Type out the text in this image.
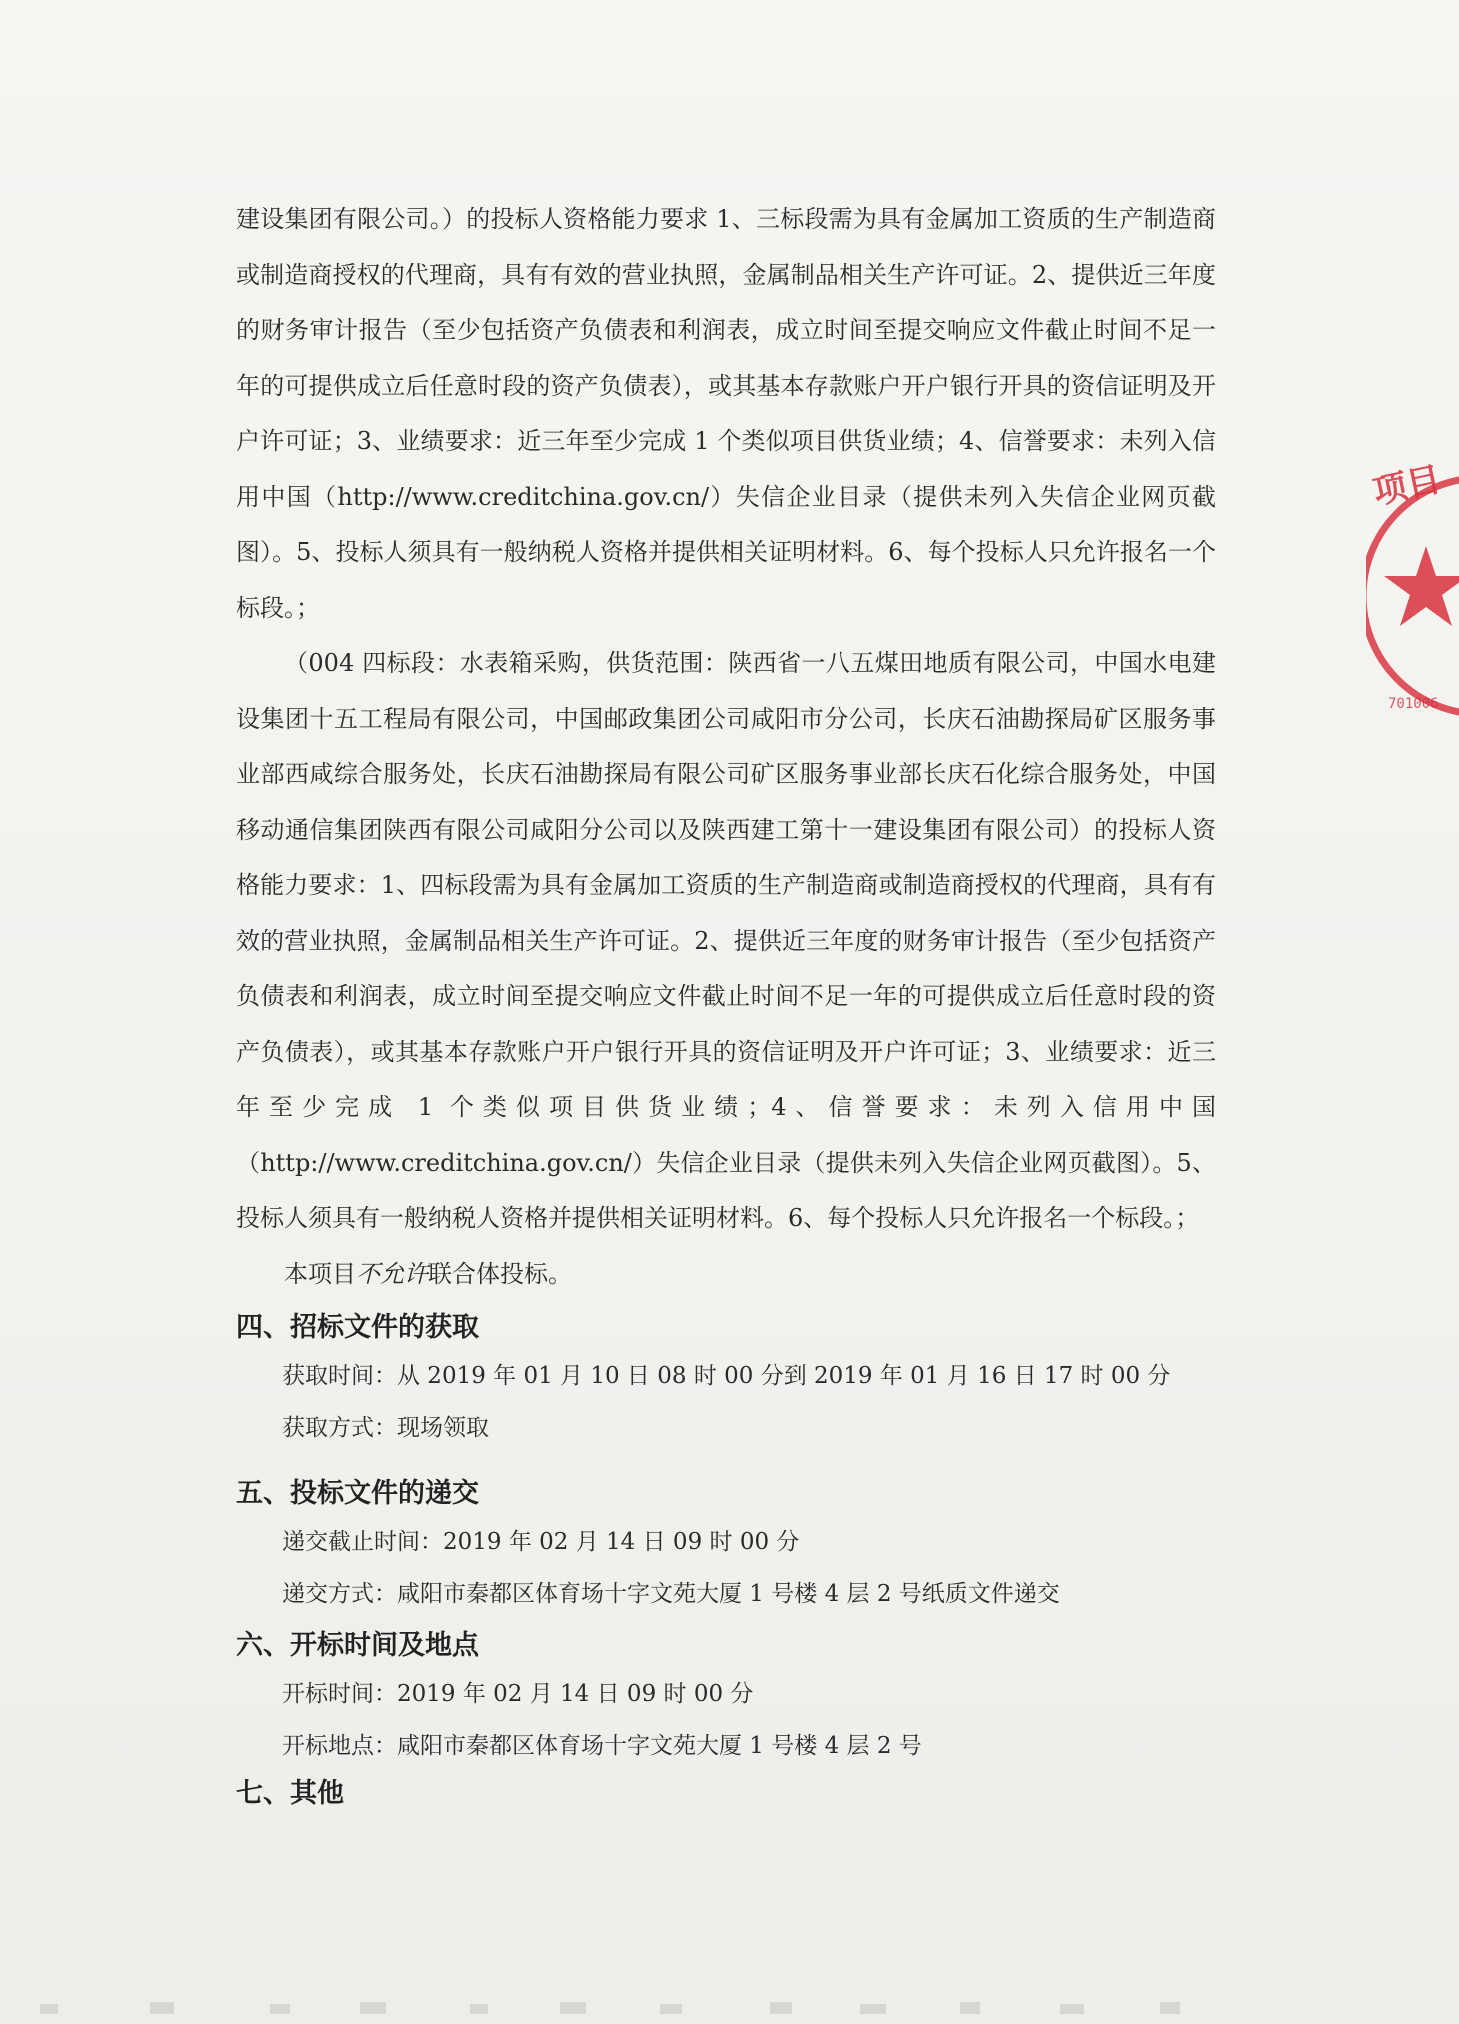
建设集团有限公司。）的投标人资格能力要求 1、三标段需为具有金属加工资质的生产制造商或制造商授权的代理商，具有有效的营业执照，金属制品相关生产许可证。2、提供近三年度的财务审计报告（至少包括资产负债表和利润表，成立时间至提交响应文件截止时间不足一年的可提供成立后任意时段的资产负债表），或其基本存款账户开户银行开具的资信证明及开户许可证；3、业绩要求：近三年至少完成 1 个类似项目供货业绩；4、信誉要求：未列入信用中国（http://www.creditchina.gov.cn/）失信企业目录（提供未列入失信企业网页截图）。5、投标人须具有一般纳税人资格并提供相关证明材料。6、每个投标人只允许报名一个标段。；

（004 四标段：水表箱采购，供货范围：陕西省一八五煤田地质有限公司，中国水电建设集团十五工程局有限公司，中国邮政集团公司咸阳市分公司，长庆石油勘探局矿区服务事业部西咸综合服务处，长庆石油勘探局有限公司矿区服务事业部长庆石化综合服务处，中国移动通信集团陕西有限公司咸阳分公司以及陕西建工第十一建设集团有限公司）的投标人资格能力要求：1、四标段需为具有金属加工资质的生产制造商或制造商授权的代理商，具有有效的营业执照，金属制品相关生产许可证。2、提供近三年度的财务审计报告（至少包括资产负债表和利润表，成立时间至提交响应文件截止时间不足一年的可提供成立后任意时段的资产负债表），或其基本存款账户开户银行开具的资信证明及开户许可证；3、业绩要求：近三年至少完成 1 个类似项目供货业绩；4、信誉要求：未列入信用中国（http://www.creditchina.gov.cn/）失信企业目录（提供未列入失信企业网页截图）。5、投标人须具有一般纳税人资格并提供相关证明材料。6、每个投标人只允许报名一个标段。；

本项目不允许联合体投标。

四、招标文件的获取

获取时间：从 2019 年 01 月 10 日 08 时 00 分到 2019 年 01 月 16 日 17 时 00 分

获取方式：现场领取

五、投标文件的递交

递交截止时间：2019 年 02 月 14 日 09 时 00 分

递交方式：咸阳市秦都区体育场十字文苑大厦 1 号楼 4 层 2 号纸质文件递交

六、开标时间及地点

开标时间：2019 年 02 月 14 日 09 时 00 分

开标地点：咸阳市秦都区体育场十字文苑大厦 1 号楼 4 层 2 号

七、其他
项目
701006
